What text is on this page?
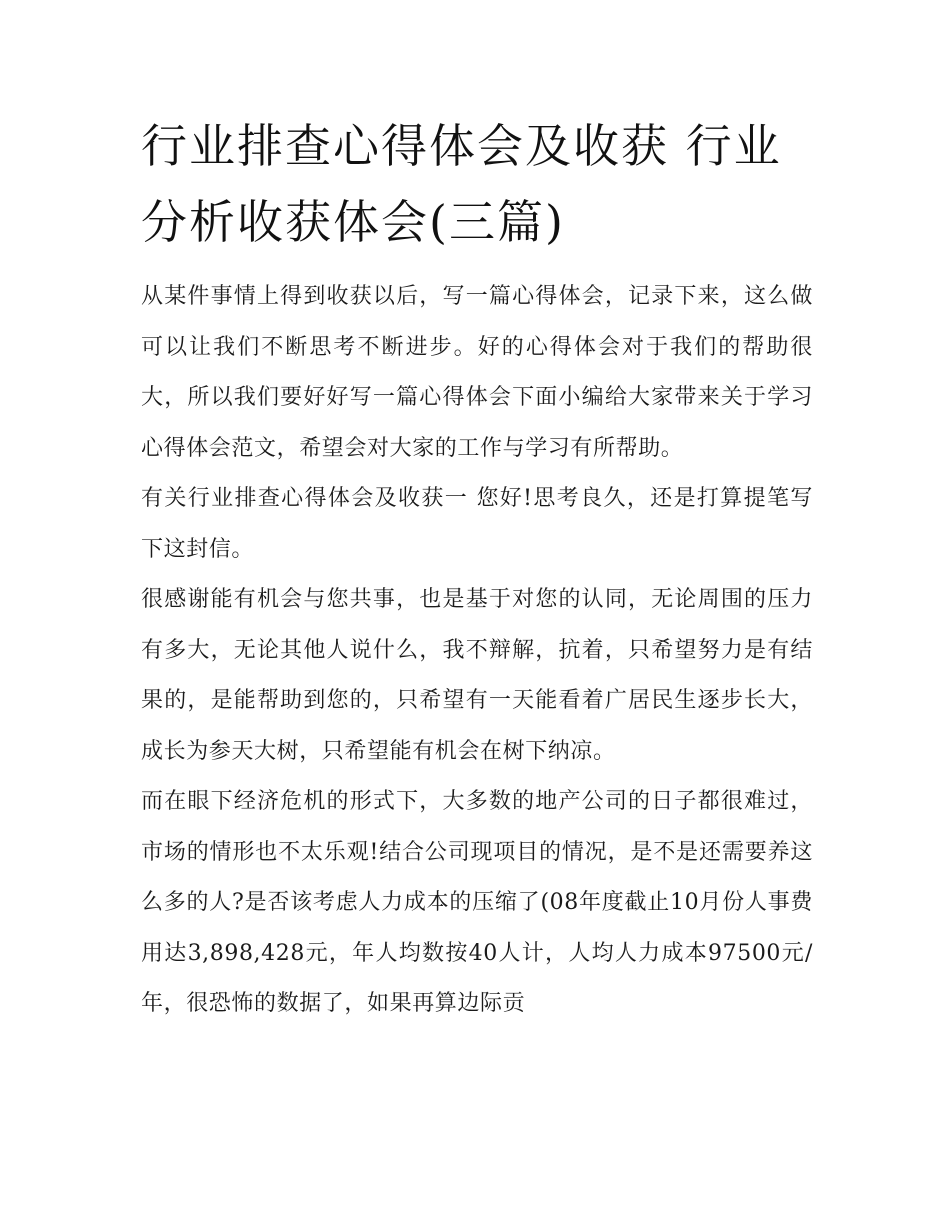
行业排查心得体会及收获 行业分析收获体会(三篇)

从某件事情上得到收获以后，写一篇心得体会，记录下来，这么做可以让我们不断思考不断进步。好的心得体会对于我们的帮助很大，所以我们要好好写一篇心得体会下面小编给大家带来关于学习心得体会范文，希望会对大家的工作与学习有所帮助。

有关行业排查心得体会及收获一 您好!思考良久，还是打算提笔写下这封信。

很感谢能有机会与您共事，也是基于对您的认同，无论周围的压力有多大，无论其他人说什么，我不辩解，抗着，只希望努力是有结果的，是能帮助到您的，只希望有一天能看着广居民生逐步长大，成长为参天大树，只希望能有机会在树下纳凉。

而在眼下经济危机的形式下，大多数的地产公司的日子都很难过，市场的情形也不太乐观!结合公司现项目的情况，是不是还需要养这么多的人?是否该考虑人力成本的压缩了(08年度截止10月份人事费用达3,898,428元，年人均数按40人计，人均人力成本97500元/年，很恐怖的数据了，如果再算边际贡
